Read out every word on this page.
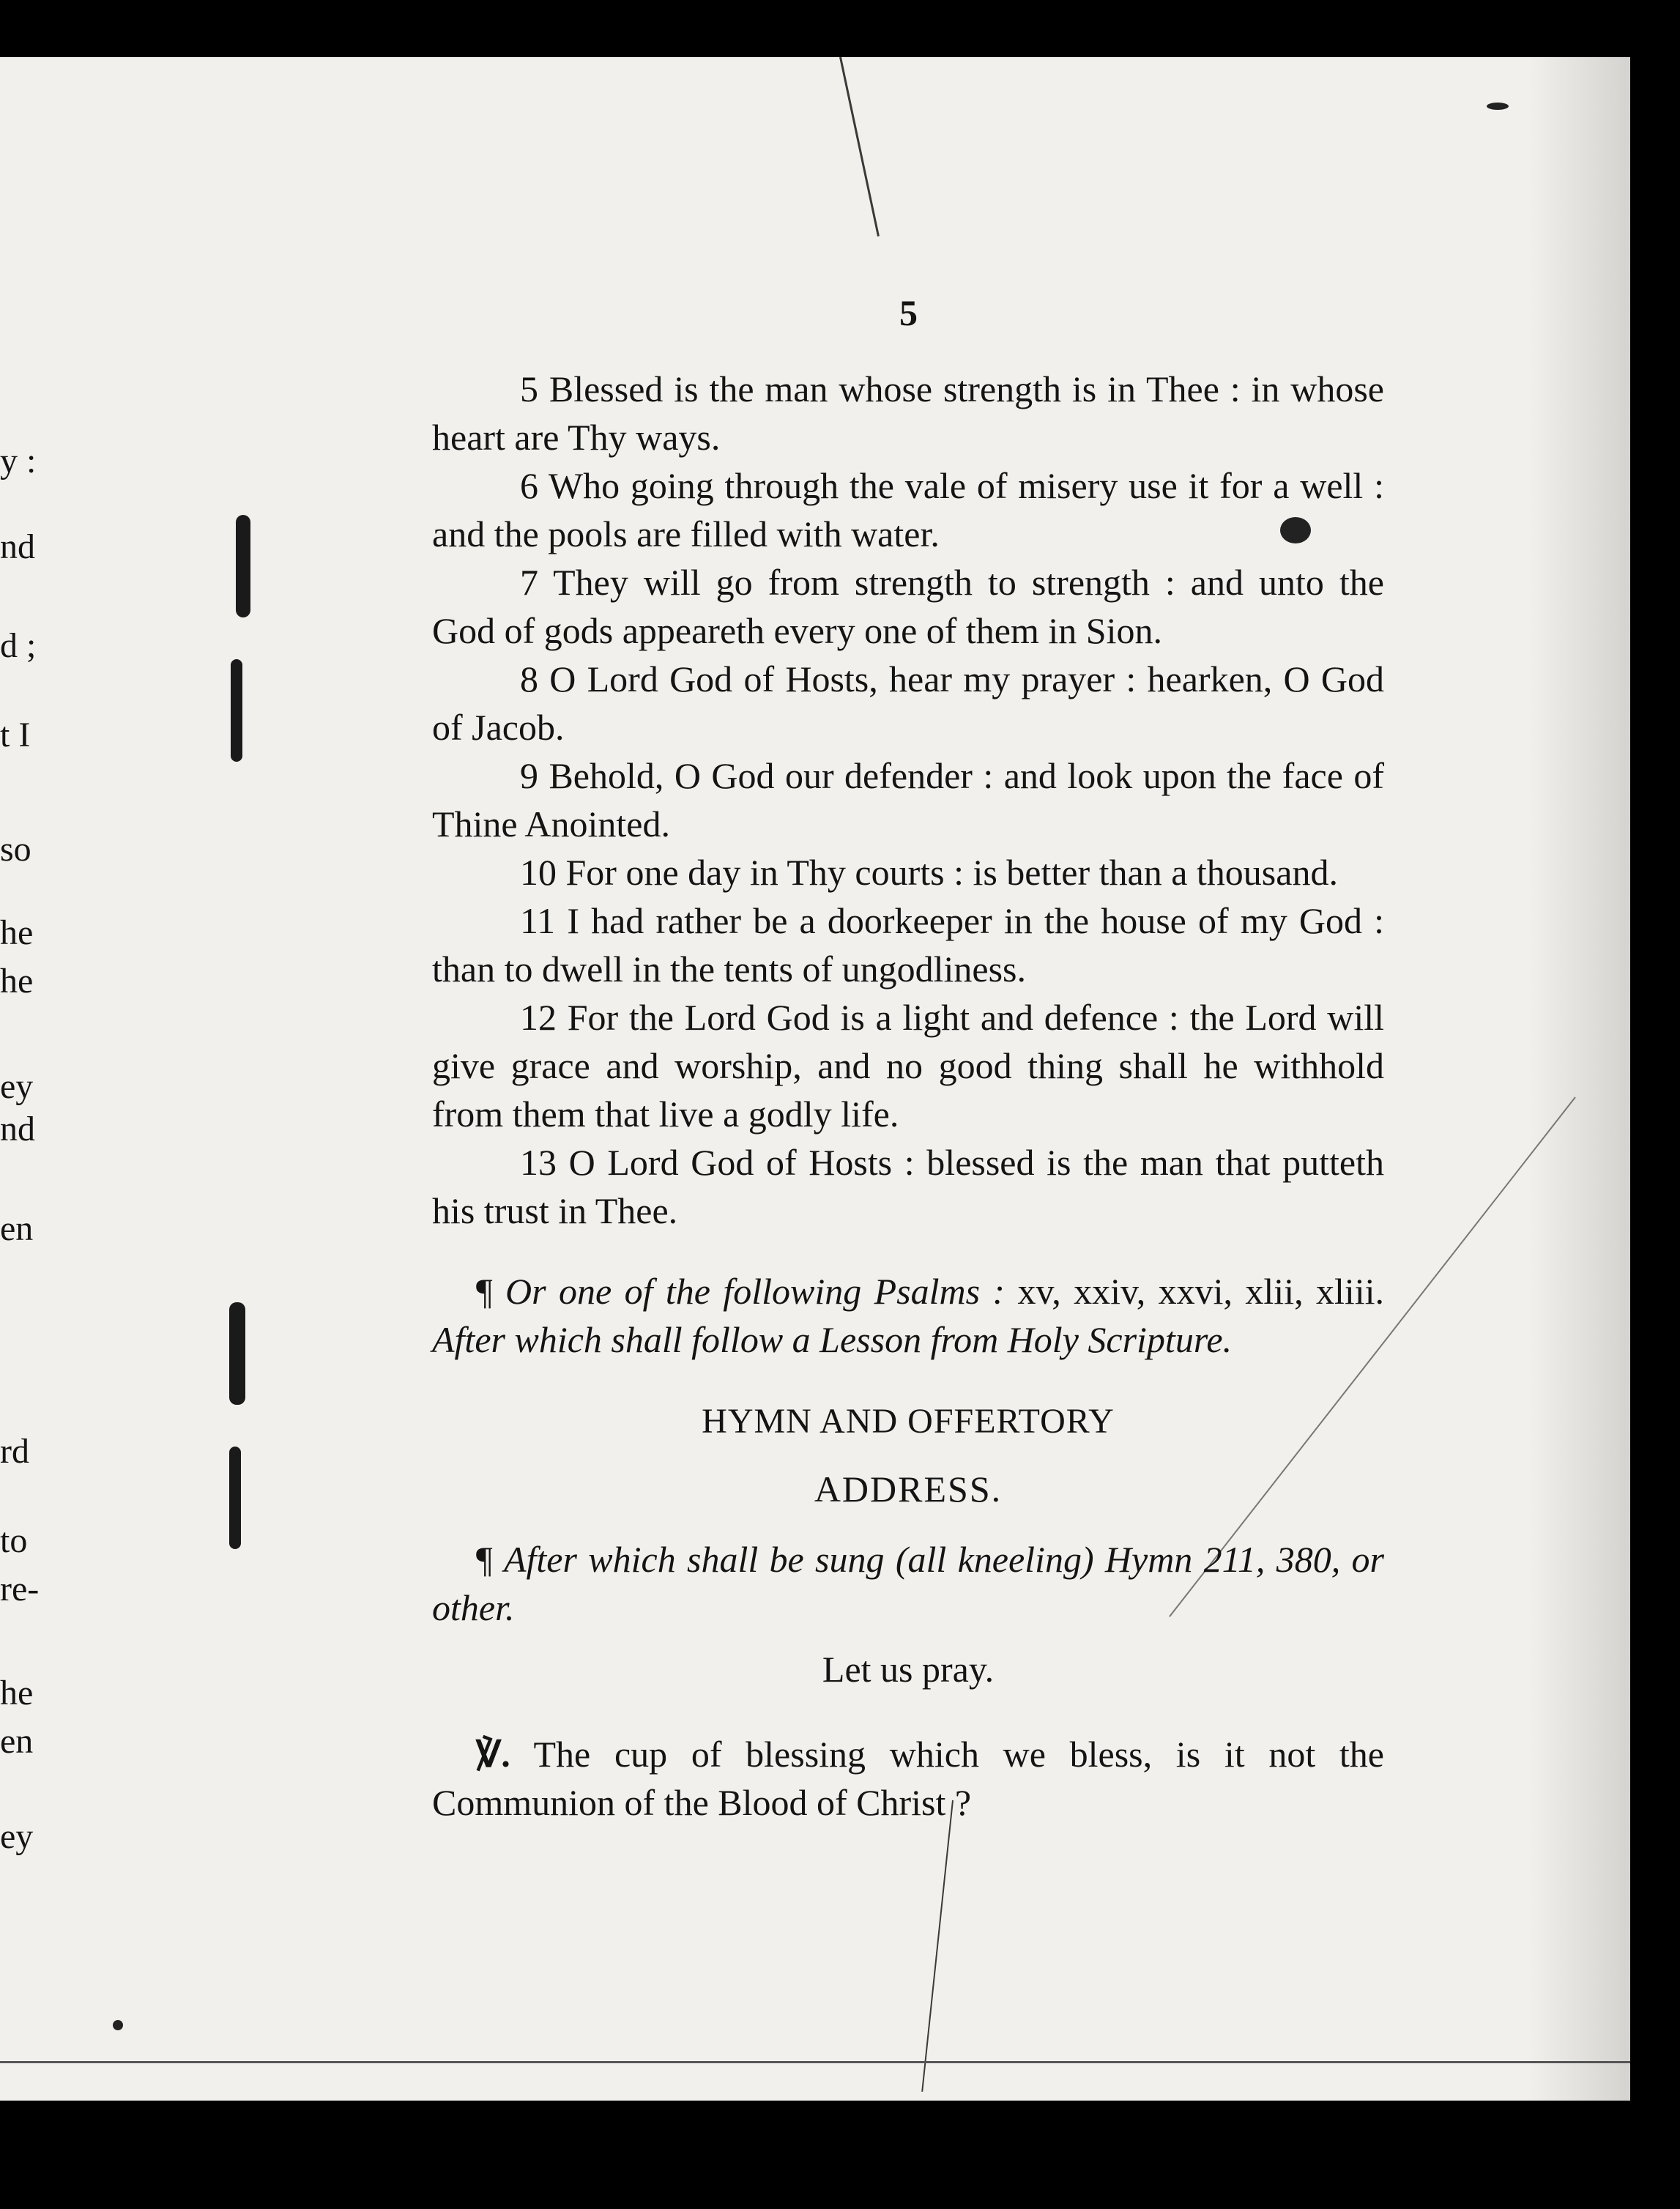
y :
nd
d ;
t I
so
he
he
ey
nd
en
rd
to
re-
he
en
ey
5

5 Blessed is the man whose strength is in Thee : in whose heart are Thy ways.

6 Who going through the vale of misery use it for a well : and the pools are filled with water.

7 They will go from strength to strength : and unto the God of gods appeareth every one of them in Sion.

8 O Lord God of Hosts, hear my prayer : hearken, O God of Jacob.

9 Behold, O God our defender : and look upon the face of Thine Anointed.

10 For one day in Thy courts : is better than a thousand.

11 I had rather be a doorkeeper in the house of my God : than to dwell in the tents of ungodliness.

12 For the Lord God is a light and defence : the Lord will give grace and worship, and no good thing shall he withhold from them that live a godly life.

13 O Lord God of Hosts : blessed is the man that putteth his trust in Thee.

¶ Or one of the following Psalms : xv, xxiv, xxvi, xlii, xliii. After which shall follow a Lesson from Holy Scripture.

HYMN AND OFFERTORY

ADDRESS.

¶ After which shall be sung (all kneeling) Hymn 211, 380, or other.

Let us pray.

℣. The cup of blessing which we bless, is it not the Communion of the Blood of Christ ?
